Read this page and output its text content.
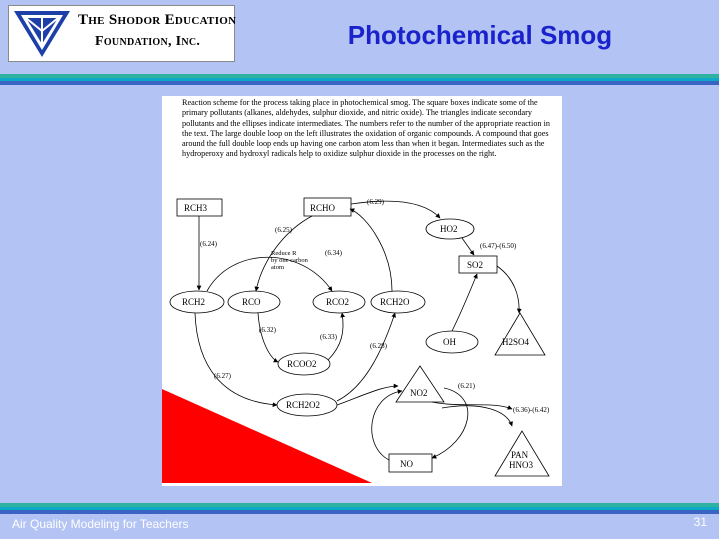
The Shodor Education
Foundation, Inc.	Photochemical Smog

Reaction scheme for the process taking place in photochemical smog. The square boxes indicate some of the primary pollutants (alkanes, aldehydes, sulphur dioxide, and nitric oxide). The triangles indicate secondary pollutants and the ellipses indicate intermediates. The numbers refer to the number of the appropriate reaction in the text. The large double loop on the left illustrates the oxidation of organic compounds. A compound that goes around the full double loop ends up having one carbon atom less than when it began. Intermediates such as the hydroperoxy and hydroxyl radicals help to oxidize sulphur dioxide in the processes on the right.

RCH3	RCHO
SO2
NO
HO2
RCH2	RCO	RCO2	RCH2O
OH
RCOO2
RCH2O2
H2SO4
NO2
PAN
HNO3
(6.29)
(6.25)
(6.24)
(6.34)
(6.47)-(6.50)
(6.32)
(6.33)
(6.28)
(6.27)
(6.21)
(6.36)-(6.42)
Reduce R
by one carbon
atom
Air Quality Modeling for Teachers	31
